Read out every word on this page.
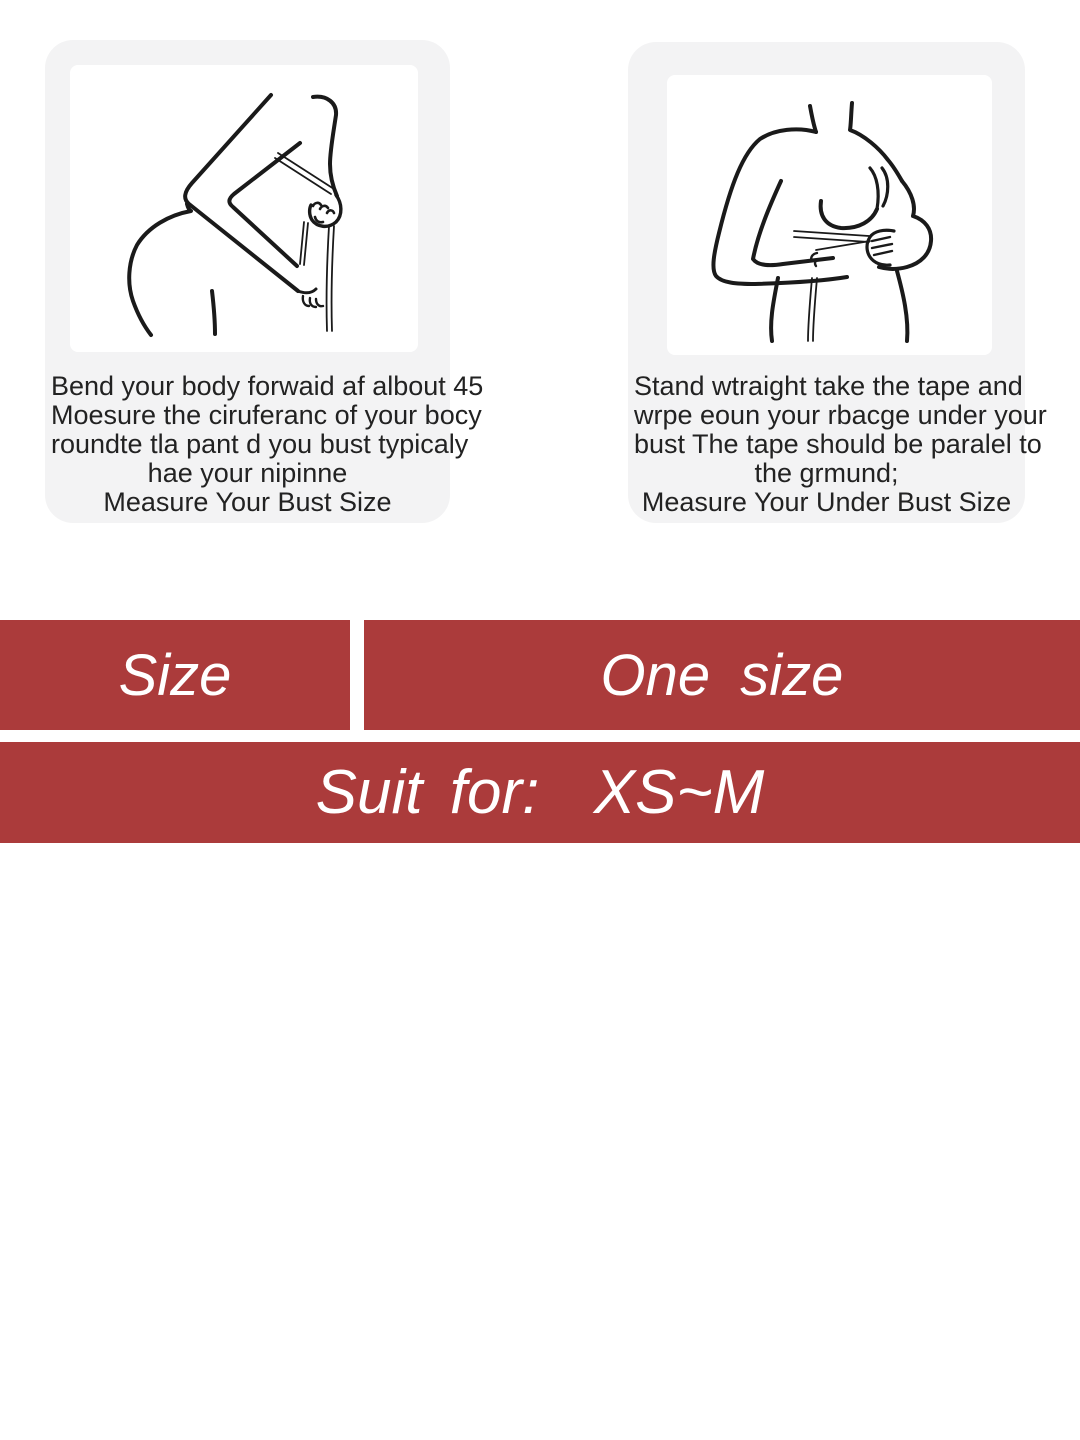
Bend your body forwaid af albout 45
Moesure the ciruferanc of your bocy
roundte tla pant d you bust typicaly
hae your nipinne
Measure Your Bust Size
Stand wtraight take the tape and
wrpe eoun your rbacge under your
bust The tape should be paralel to
the grmund;
Measure Your Under Bust Size
Size	One size
Suit for:  XS~M
